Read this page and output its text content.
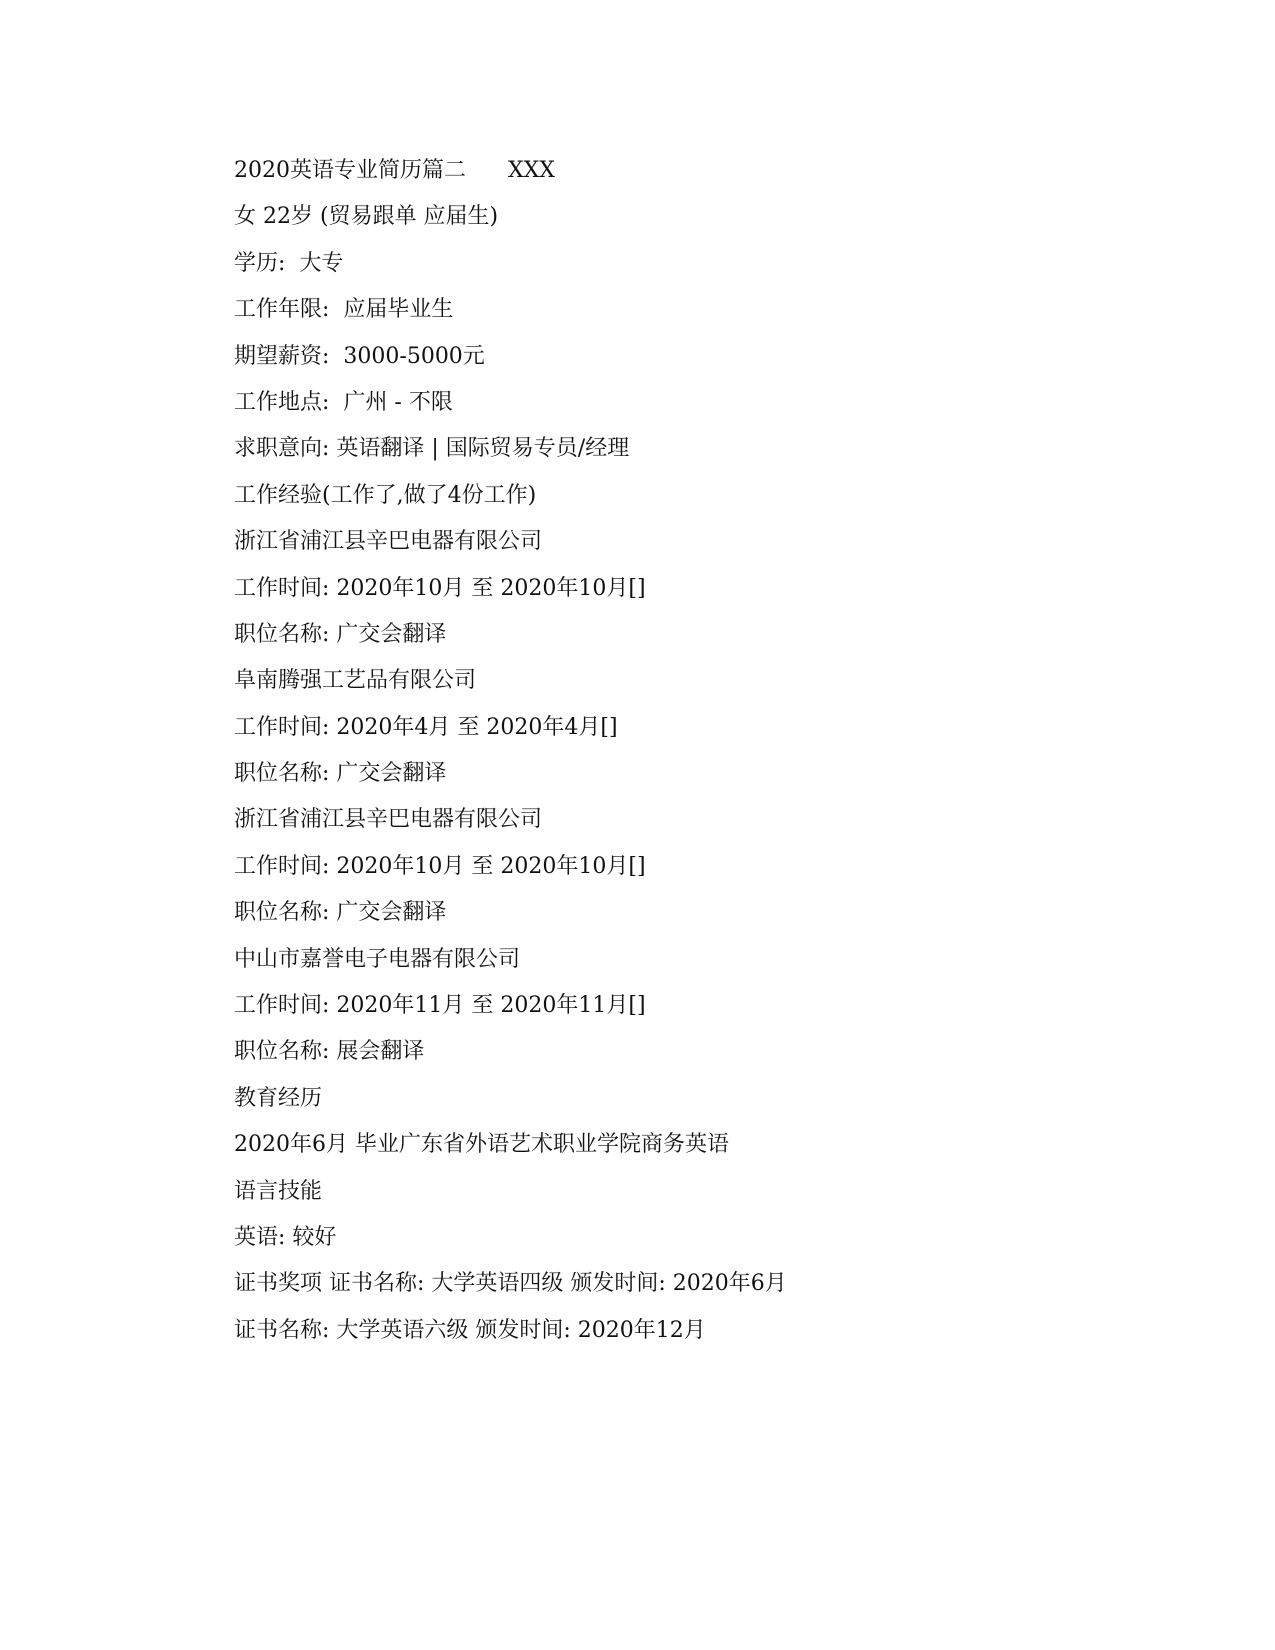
2020英语专业简历篇二      XXX
女 22岁 (贸易跟单 应届生)
学历:  大专
工作年限:  应届毕业生
期望薪资:  3000-5000元
工作地点:  广州 - 不限
求职意向: 英语翻译 | 国际贸易专员/经理
工作经验(工作了,做了4份工作)
浙江省浦江县辛巴电器有限公司
工作时间: 2020年10月 至 2020年10月[]
职位名称: 广交会翻译
阜南腾强工艺品有限公司
工作时间: 2020年4月 至 2020年4月[]
职位名称: 广交会翻译
浙江省浦江县辛巴电器有限公司
工作时间: 2020年10月 至 2020年10月[]
职位名称: 广交会翻译
中山市嘉誉电子电器有限公司
工作时间: 2020年11月 至 2020年11月[]
职位名称: 展会翻译
教育经历
2020年6月 毕业广东省外语艺术职业学院商务英语
语言技能
英语: 较好
证书奖项 证书名称: 大学英语四级 颁发时间: 2020年6月
证书名称: 大学英语六级 颁发时间: 2020年12月
